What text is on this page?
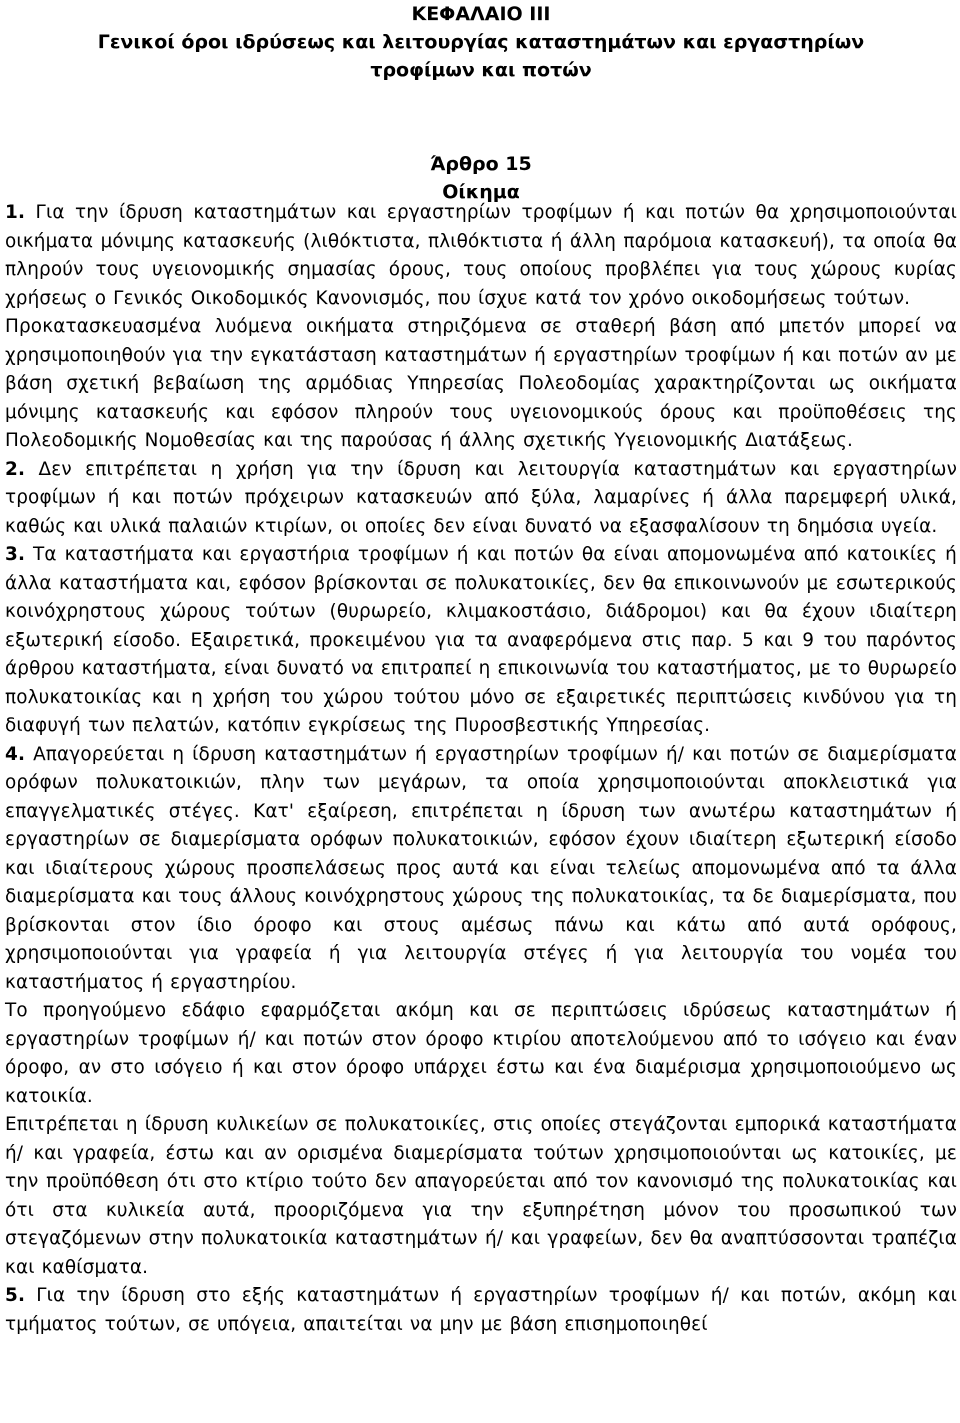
ΚΕΦΑΛΑΙΟ ΙΙΙ

Γενικοί όροι ιδρύσεως και λειτουργίας καταστημάτων και εργαστηρίων

τροφίμων και ποτών

Άρθρο 15

Οίκημα

1. Για την ίδρυση καταστημάτων και εργαστηρίων τροφίμων ή και ποτών θα χρησιμοποιούνται οικήματα μόνιμης κατασκευής (λιθόκτιστα, πλιθόκτιστα ή άλλη παρόμοια κατασκευή), τα οποία θα πληρούν τους υγειονομικής σημασίας όρους, τους οποίους προβλέπει για τους χώρους κυρίας χρήσεως ο Γενικός Οικοδομικός Κανονισμός, που ίσχυε κατά τον χρόνο οικοδομήσεως τούτων.

Προκατασκευασμένα λυόμενα οικήματα στηριζόμενα σε σταθερή βάση από μπετόν μπορεί να χρησιμοποιηθούν για την εγκατάσταση καταστημάτων ή εργαστηρίων τροφίμων ή και ποτών αν με βάση σχετική βεβαίωση της αρμόδιας Υπηρεσίας Πολεοδομίας χαρακτηρίζονται ως οικήματα μόνιμης κατασκευής και εφόσον πληρούν τους υγειονομικούς όρους και προϋποθέσεις της Πολεοδομικής Νομοθεσίας και της παρούσας ή άλλης σχετικής Υγειονομικής Διατάξεως.

2. Δεν επιτρέπεται η χρήση για την ίδρυση και λειτουργία καταστημάτων και εργαστηρίων τροφίμων ή και ποτών πρόχειρων κατασκευών από ξύλα, λαμαρίνες ή άλλα παρεμφερή υλικά, καθώς και υλικά παλαιών κτιρίων, οι οποίες δεν είναι δυνατό να εξασφαλίσουν τη δημόσια υγεία.

3. Τα καταστήματα και εργαστήρια τροφίμων ή και ποτών θα είναι απομονωμένα από κατοικίες ή άλλα καταστήματα και, εφόσον βρίσκονται σε πολυκατοικίες, δεν θα επικοινωνούν με εσωτερικούς κοινόχρηστους χώρους τούτων (θυρωρείο, κλιμακοστάσιο, διάδρομοι) και θα έχουν ιδιαίτερη εξωτερική είσοδο. Εξαιρετικά, προκειμένου για τα αναφερόμενα στις παρ. 5 και 9 του παρόντος άρθρου καταστήματα, είναι δυνατό να επιτραπεί η επικοινωνία του καταστήματος, με το θυρωρείο πολυκατοικίας και η χρήση του χώρου τούτου μόνο σε εξαιρετικές περιπτώσεις κινδύνου για τη διαφυγή των πελατών, κατόπιν εγκρίσεως της Πυροσβεστικής Υπηρεσίας.

4. Απαγορεύεται η ίδρυση καταστημάτων ή εργαστηρίων τροφίμων ή/ και ποτών σε διαμερίσματα ορόφων πολυκατοικιών, πλην των μεγάρων, τα οποία χρησιμοποιούνται αποκλειστικά για επαγγελματικές στέγες. Κατ' εξαίρεση, επιτρέπεται η ίδρυση των ανωτέρω καταστημάτων ή εργαστηρίων σε διαμερίσματα ορόφων πολυκατοικιών, εφόσον έχουν ιδιαίτερη εξωτερική είσοδο και ιδιαίτερους χώρους προσπελάσεως προς αυτά και είναι τελείως απομονωμένα από τα άλλα διαμερίσματα και τους άλλους κοινόχρηστους χώρους της πολυκατοικίας, τα δε διαμερίσματα, που βρίσκονται στον ίδιο όροφο και στους αμέσως πάνω και κάτω από αυτά ορόφους, χρησιμοποιούνται για γραφεία ή για λειτουργία στέγες ή για λειτουργία του νομέα του καταστήματος ή εργαστηρίου.

Το προηγούμενο εδάφιο εφαρμόζεται ακόμη και σε περιπτώσεις ιδρύσεως καταστημάτων ή εργαστηρίων τροφίμων ή/ και ποτών στον όροφο κτιρίου αποτελούμενου από το ισόγειο και έναν όροφο, αν στο ισόγειο ή και στον όροφο υπάρχει έστω και ένα διαμέρισμα χρησιμοποιούμενο ως κατοικία.

Επιτρέπεται η ίδρυση κυλικείων σε πολυκατοικίες, στις οποίες στεγάζονται εμπορικά καταστήματα ή/ και γραφεία, έστω και αν ορισμένα διαμερίσματα τούτων χρησιμοποιούνται ως κατοικίες, με την προϋπόθεση ότι στο κτίριο τούτο δεν απαγορεύεται από τον κανονισμό της πολυκατοικίας και ότι στα κυλικεία αυτά, προοριζόμενα για την εξυπηρέτηση μόνον του προσωπικού των στεγαζόμενων στην πολυκατοικία καταστημάτων ή/ και γραφείων, δεν θα αναπτύσσονται τραπέζια και καθίσματα.

5. Για την ίδρυση στο εξής καταστημάτων ή εργαστηρίων τροφίμων ή/ και ποτών, ακόμη και τμήματος τούτων, σε υπόγεια, απαιτείται να μην με βάση επισημοποιηθεί
